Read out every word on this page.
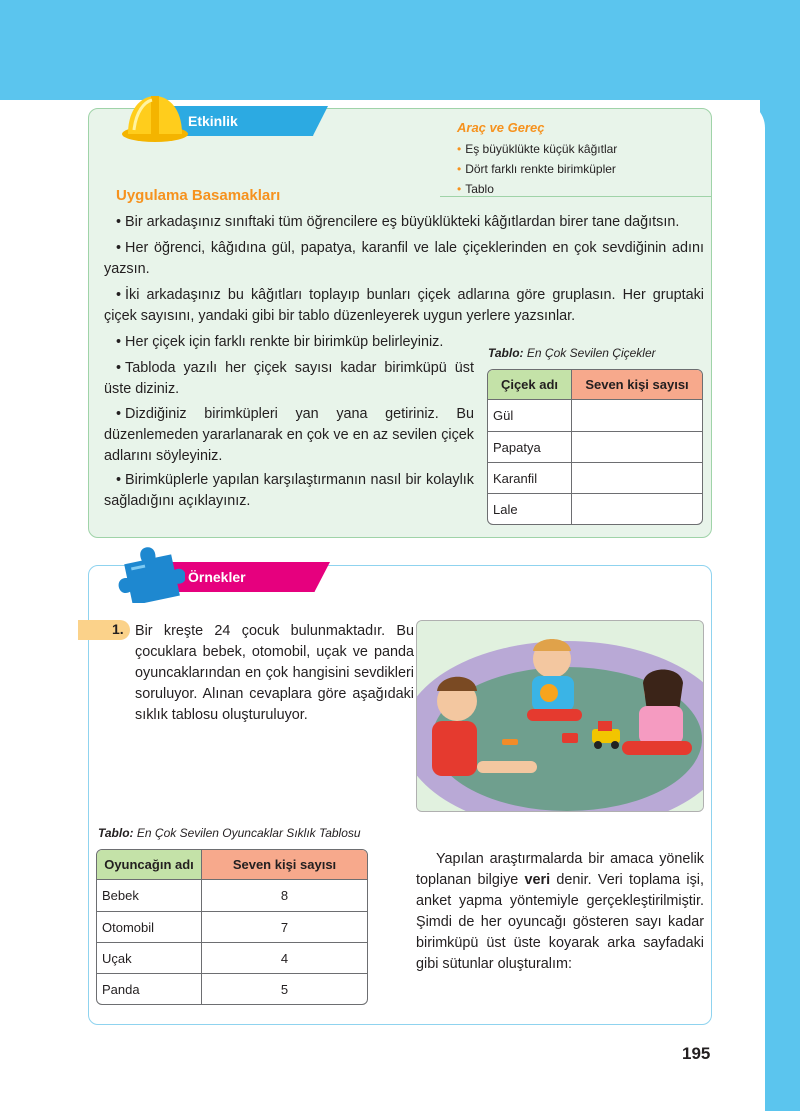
Etkinlik	Araç ve Gereç
• Eş büyüklükte küçük kâğıtlar
• Dört farklı renkte birimküpler
• Tablo
Uygulama Basamakları

• Bir arkadaşınız sınıftaki tüm öğrencilere eş büyüklükteki kâğıtlardan birer tane dağıtsın.

• Her öğrenci, kâğıdına gül, papatya, karanfil ve lale çiçeklerinden en çok sevdiğinin adını yazsın.

• İki arkadaşınız bu kâğıtları toplayıp bunları çiçek adlarına göre gruplasın. Her gruptaki çiçek sayısını, yandaki gibi bir tablo düzenleyerek uygun yerlere yazsınlar.

• Her çiçek için farklı renkte bir birimküp belirleyiniz.

• Tabloda yazılı her çiçek sayısı kadar birimküpü üst üste diziniz.

• Dizdiğiniz birimküpleri yan yana getiriniz. Bu düzenlemeden yararlanarak en çok ve en az sevilen çiçek adlarını söyleyiniz.

• Birimküplerle yapılan karşılaştırmanın nasıl bir kolaylık sağladığını açıklayınız.

Tablo: En Çok Sevilen Çiçekler

Çiçek adı	Seven kişi sayısı
Gül	
Papatya	
Karanfil	
Lale	
Örnekler
1. Bir kreşte 24 çocuk bulunmaktadır. Bu çocuklara bebek, otomobil, uçak ve panda oyuncaklarından en çok hangisini sevdikleri soruluyor. Alınan cevaplara göre aşağıdaki sıklık tablosu oluşturuluyor.

Tablo: En Çok Sevilen Oyuncaklar Sıklık Tablosu

Oyuncağın adı	Seven kişi sayısı
Bebek	8
Otomobil	7
Uçak	4
Panda	5

Yapılan araştırmalarda bir amaca yönelik toplanan bilgiye veri denir. Veri toplama işi, anket yapma yöntemiyle gerçekleştirilmiştir. Şimdi de her oyuncağı gösteren sayı kadar birimküpü üst üste koyarak arka sayfadaki gibi sütunlar oluşturalım:

195
